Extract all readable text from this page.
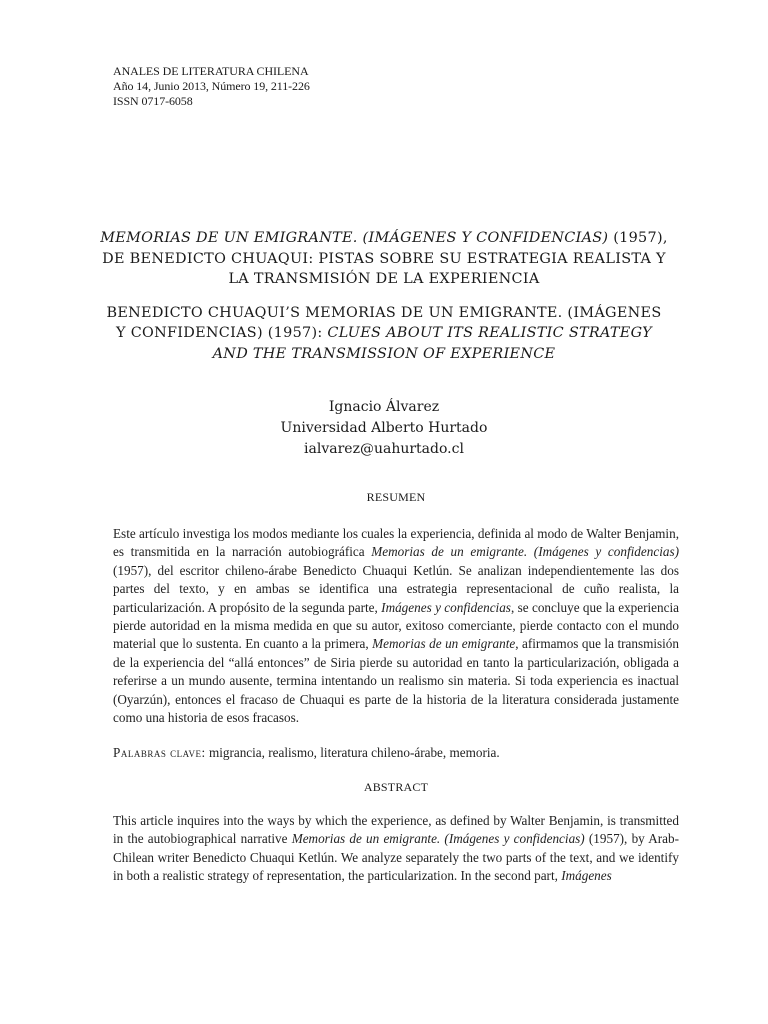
ANALES DE LITERATURA CHILENA
Año 14, Junio 2013, Número 19, 211-226
ISSN 0717-6058

MEMORIAS DE UN EMIGRANTE. (IMÁGENES Y CONFIDENCIAS) (1957), DE BENEDICTO CHUAQUI: PISTAS SOBRE SU ESTRATEGIA REALISTA Y LA TRANSMISIÓN DE LA EXPERIENCIA

BENEDICTO CHUAQUI’S MEMORIAS DE UN EMIGRANTE. (IMÁGENES Y CONFIDENCIAS) (1957): CLUES ABOUT ITS REALISTIC STRATEGY AND THE TRANSMISSION OF EXPERIENCE

Ignacio Álvarez
Universidad Alberto Hurtado
ialvarez@uahurtado.cl
RESUMEN

Este artículo investiga los modos mediante los cuales la experiencia, definida al modo de Walter Benjamin, es transmitida en la narración autobiográfica Memorias de un emigrante. (Imágenes y confidencias) (1957), del escritor chileno-árabe Benedicto Chuaqui Ketlún. Se analizan independientemente las dos partes del texto, y en ambas se identifica una estrategia representacional de cuño realista, la particularización. A propósito de la segunda parte, Imágenes y confidencias, se concluye que la experiencia pierde autoridad en la misma medida en que su autor, exitoso comerciante, pierde contacto con el mundo material que lo sustenta. En cuanto a la primera, Memorias de un emigrante, afirmamos que la transmisión de la experiencia del “allá entonces” de Siria pierde su autoridad en tanto la particularización, obligada a referirse a un mundo ausente, termina intentando un realismo sin materia. Si toda experiencia es inactual (Oyarzún), entonces el fracaso de Chuaqui es parte de la historia de la literatura considerada justamente como una historia de esos fracasos.

Palabras clave: migrancia, realismo, literatura chileno-árabe, memoria.

ABSTRACT

This article inquires into the ways by which the experience, as defined by Walter Benjamin, is transmitted in the autobiographical narrative Memorias de un emigrante. (Imágenes y confidencias) (1957), by Arab-Chilean writer Benedicto Chuaqui Ketlún. We analyze separately the two parts of the text, and we identify in both a realistic strategy of representation, the particularization. In the second part, Imágenes
